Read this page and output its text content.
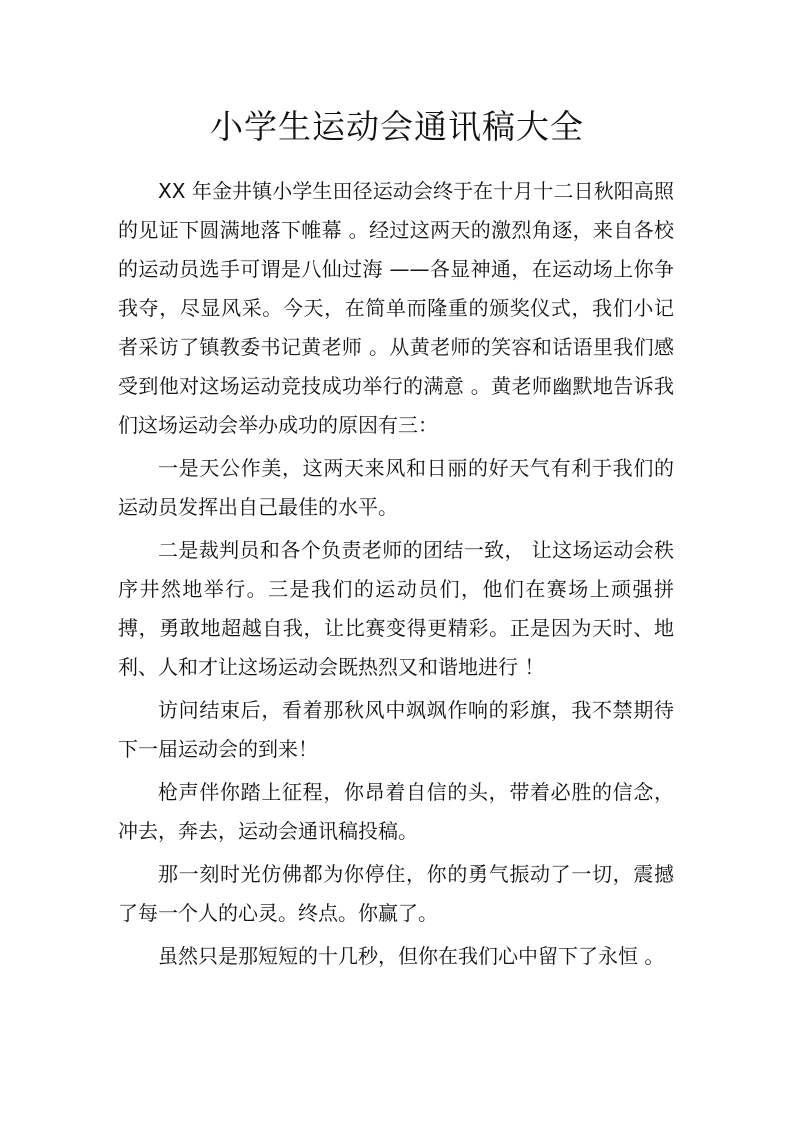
小学生运动会通讯稿大全

XX 年金井镇小学生田径运动会终于在十月十二日秋阳高照的见证下圆满地落下帷幕 。经过这两天的激烈角逐，来自各校的运动员选手可谓是八仙过海 ——各显神通，在运动场上你争我夺，尽显风采。今天，在简单而隆重的颁奖仪式，我们小记者采访了镇教委书记黄老师 。从黄老师的笑容和话语里我们感受到他对这场运动竞技成功举行的满意 。黄老师幽默地告诉我们这场运动会举办成功的原因有三：

一是天公作美，这两天来风和日丽的好天气有利于我们的运动员发挥出自己最佳的水平。

二是裁判员和各个负责老师的团结一致， 让这场运动会秩序井然地举行。三是我们的运动员们，他们在赛场上顽强拼搏，勇敢地超越自我，让比赛变得更精彩。正是因为天时、地利、人和才让这场运动会既热烈又和谐地进行 ！

访问结束后，看着那秋风中飒飒作响的彩旗，我不禁期待下一届运动会的到来！

枪声伴你踏上征程，你昂着自信的头，带着必胜的信念，冲去，奔去，运动会通讯稿投稿。

那一刻时光仿佛都为你停住，你的勇气振动了一切，震撼了每一个人的心灵。终点。你赢了。

虽然只是那短短的十几秒，但你在我们心中留下了永恒 。
